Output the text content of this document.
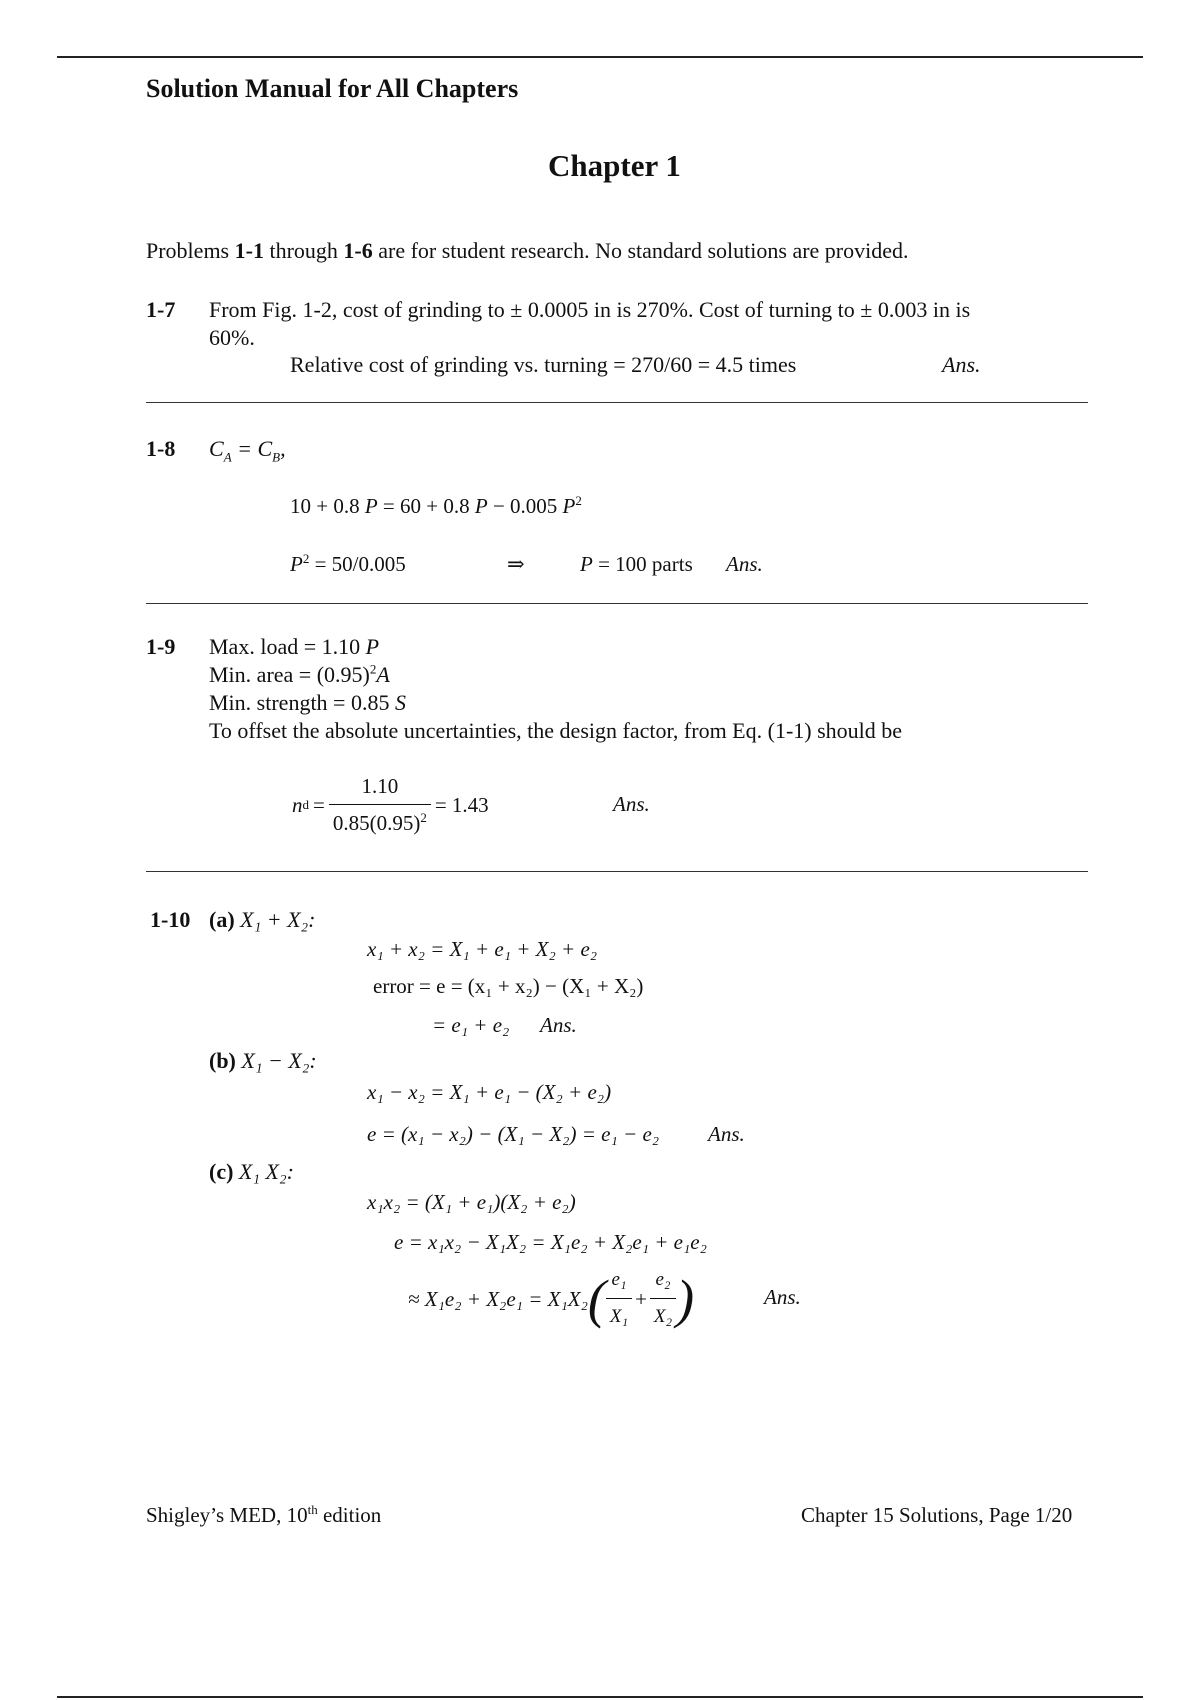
Solution Manual for All Chapters
Chapter 1
Problems 1-1 through 1-6 are for student research. No standard solutions are provided.
1-7 From Fig. 1-2, cost of grinding to ± 0.0005 in is 270%. Cost of turning to ± 0.003 in is
60%.
Relative cost of grinding vs. turning = 270/60 = 4.5 times	Ans.
1-8 $C_A = C_B$,
10 + 0.8 P = 60 + 0.8 P − 0.005 $P^2$
$P^2 = 50/0.005$	⇒	P = 100 parts Ans.
1-9 Max. load = 1.10 P
Min. area = $(0.95)^2A$
Min. strength = 0.85 S
To offset the absolute uncertainties, the design factor, from Eq. (1-1) should be
n $d = \frac{1.10}{0.85(0.95)^2} = 1.43$	Ans.
1-10 (a) X₁ + X₂:
x₁ + x₂ = X₁ + e₁ + X₂ + e₂
error = e = (x₁ + x₂) − (X₁ + X₂)
= e₁ + e₂ Ans.
(b) X₁ − X₂:
x₁ − x₂ = X₁ + e₁ − (X₂ + e₂)
e = (x₁ − x₂) − (X₁ − X₂) = e₁ − e₂ Ans.
(c) X₁ X₂:
x₁x₂ = (X₁ + e₁)(X₂ + e₂)
e = x₁x₂ − X₁X₂ = X₁e₂ + X₂e₁ + e₁e₂
≈ X₁e₂ + X₂e₁ = X₁X₂ ( $\frac{\text{e₁}}{\text{X₁}} + \frac{\text{e₂}}{\text{X₂}}$ )	Ans.
Shigley’s MED, 10th edition	Chapter 15 Solutions, Page 1/20
